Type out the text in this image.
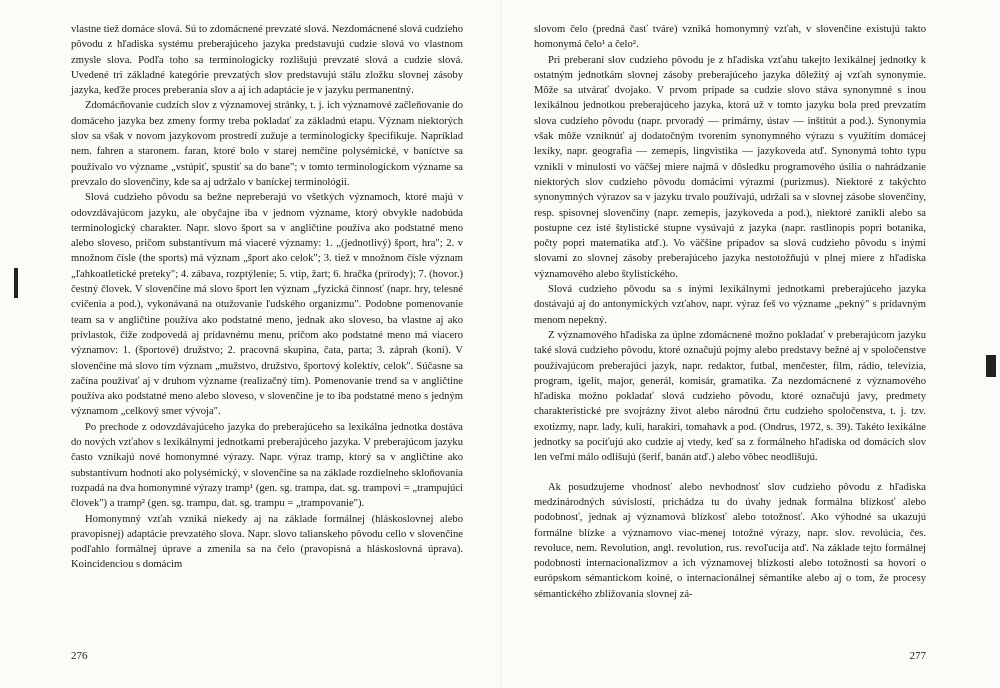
vlastne tiež domáce slová. Sú to zdomácnené prevzaté slová. Nezdomácnené slová cudzieho pôvodu z hľadiska systému preberajúceho jazyka predstavujú cudzie slová vo vlastnom zmysle slova. Podľa toho sa terminologicky rozlišujú prevzaté slová a cudzie slová. Uvedené tri základné kategórie prevzatých slov predstavujú stálu zložku slovnej zásoby jazyka, keďže proces preberania slov a aj ich adaptácie je v jazyku permanentný.

Zdomácňovanie cudzích slov z významovej stránky, t. j. ich významové začleňovanie do domáceho jazyka bez zmeny formy treba pokladať za základnú etapu. Význam niektorých slov sa však v novom jazykovom prostredí zužuje a terminologicky špecifikuje. Napríklad nem. fahren a staronem. faran, ktoré bolo v starej nemčine polysémické, v baníctve sa používalo vo význame „vstúpiť, spustiť sa do bane"; v tomto terminologickom význame sa prevzalo do slovenčiny, kde sa aj udržalo v baníckej terminológii.

Slová cudzieho pôvodu sa bežne nepreberajú vo všetkých významoch, ktoré majú v odovzdávajúcom jazyku, ale obyčajne iba v jednom význame, ktorý obvykle nadobúda terminologický charakter. Napr. slovo šport sa v angličtine používa ako podstatné meno alebo sloveso, pričom substantívum má viaceré významy: 1. „(jednotlivý) šport, hra"; 2. v množnom čísle (the sports) má význam „šport ako celok"; 3. tiež v množnom čísle význam „ľahkoatletické preteky"; 4. zábava, rozptýlenie; 5. vtip, žart; 6. hračka (prírody); 7. (hovor.) čestný človek. V slovenčine má slovo šport len význam „fyzická činnosť (napr. hry, telesné cvičenia a pod.), vykonávaná na otužovanie ľudského organizmu". Podobne pomenovanie team sa v angličtine používa ako podstatné meno, jednak ako sloveso, ba vlastne aj ako prívlastok, čiže zodpovedá aj prídavnému menu, pričom ako podstatné meno má viacero významov: 1. (športové) družstvo; 2. pracovná skupina, čata, parta; 3. záprah (koní). V slovenčine má slovo tím význam „mužstvo, družstvo, športový kolektív, celok". Súčasne sa začína používať aj v druhom význame (realizačný tím). Pomenovanie trend sa v angličtine používa ako podstatné meno alebo sloveso, v slovenčine je to iba podstatné meno s jedným významom „celkový smer vývoja".

Po prechode z odovzdávajúceho jazyka do preberajúceho sa lexikálna jednotka dostáva do nových vzťahov s lexikálnymi jednotkami preberajúceho jazyka. V preberajúcom jazyku často vznikajú nové homonymné výrazy. Napr. výraz tramp, ktorý sa v angličtine ako substantívum hodnotí ako polysémický, v slovenčine sa na základe rozdielneho skloňovania rozpadá na dva homonymné výrazy tramp¹ (gen. sg. trampa, dat. sg. trampovi = „trampujúci človek") a tramp² (gen. sg. trampu, dat. sg. trampu = „trampovanie").

Homonymný vzťah vzniká niekedy aj na základe formálnej (hláskoslovnej alebo pravopisnej) adaptácie prevzatého slova. Napr. slovo talianskeho pôvodu cello v slovenčine podľahlo formálnej úprave a zmenila sa na čelo (pravopisná a hláskoslovná úprava). Koincidenciou s domácim

276

slovom čelo (predná časť tváre) vzniká homonymný vzťah, v slovenčine existujú takto homonymá čelo¹ a čelo².

Pri preberaní slov cudzieho pôvodu je z hľadiska vzťahu takejto lexikálnej jednotky k ostatným jednotkám slovnej zásoby preberajúceho jazyka dôležitý aj vzťah synonymie. Môže sa utvárať dvojako. V prvom prípade sa cudzie slovo stáva synonymné s inou lexikálnou jednotkou preberajúceho jazyka, ktorá už v tomto jazyku bola pred prevzatím slova cudzieho pôvodu (napr. prvoradý — primárny, ústav — inštitút a pod.). Synonymia však môže vzniknúť aj dodatočným tvorením synonymného výrazu s využitím domácej lexiky, napr. geografia — zemepis, lingvistika — jazykoveda atď. Synonymá tohto typu vznikli v minulosti vo väčšej miere najmä v dôsledku programového úsilia o nahrádzanie niektorých slov cudzieho pôvodu domácimi výrazmi (purizmus). Niektoré z takýchto synonymných výrazov sa v jazyku trvalo používajú, udržali sa v slovnej zásobe slovenčiny, resp. spisovnej slovenčiny (napr. zemepis, jazykoveda a pod.), niektoré zanikli alebo sa postupne cez isté štylistické stupne vysúvajú z jazyka (napr. rastlinopis popri botanika, počty popri matematika atď.). Vo väčšine prípadov sa slová cudzieho pôvodu s inými slovami zo slovnej zásoby preberajúceho jazyka nestotožňujú v plnej miere z hľadiska významového alebo štylistického.

Slová cudzieho pôvodu sa s inými lexikálnymi jednotkami preberajúceho jazyka dostávajú aj do antonymických vzťahov, napr. výraz feš vo význame „pekný" s prídavným menom nepekný.

Z významového hľadiska za úplne zdomácnené možno pokladať v preberajúcom jazyku také slová cudzieho pôvodu, ktoré označujú pojmy alebo predstavy bežné aj v spoločenstve používajúcom preberajúci jazyk, napr. redaktor, futbal, menčester, film, rádio, televízia, program, igelit, major, generál, komisár, gramatika. Za nezdomácnené z významového hľadiska možno pokladať slová cudzieho pôvodu, ktoré označujú javy, predmety charakteristické pre svojrázny život alebo národnú črtu cudzieho spoločenstva, t. j. tzv. exotizmy, napr. lady, kuli, harakiri, tomahavk a pod. (Ondrus, 1972, s. 39). Takéto lexikálne jednotky sa pociťujú ako cudzie aj vtedy, keď sa z formálneho hľadiska od domácich slov len veľmi málo odlišujú (šerif, banán atď.) alebo vôbec neodlišujú.

Ak posudzujeme vhodnosť alebo nevhodnosť slov cudzieho pôvodu z hľadiska medzinárodných súvislostí, prichádza tu do úvahy jednak formálna blízkosť alebo podobnosť, jednak aj významová blízkosť alebo totožnosť. Ako výhodné sa ukazujú formálne blízke a významovo viac-menej totožné výrazy, napr. slov. revolúcia, čes. revoluce, nem. Revolution, angl. revolution, rus. revoľucija atď. Na základe tejto formálnej podobnosti internacionalizmov a ich významovej blízkosti alebo totožnosti sa hovorí o európskom sémantickom koiné, o internacionálnej sémantike alebo aj o tom, že procesy sémantického zbližovania slovnej zá-

277
